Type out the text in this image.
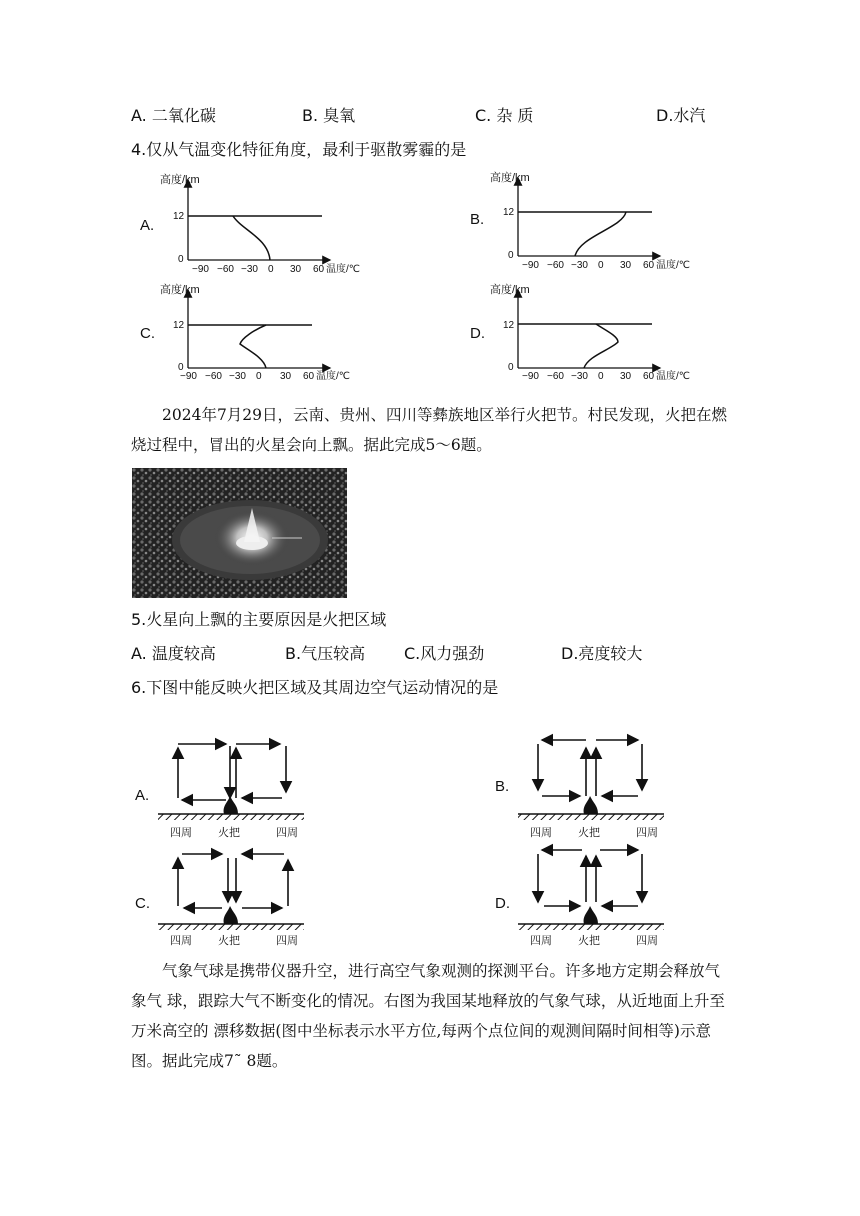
A. 二氧化碳	B. 臭氧	C. 杂 质	D.水汽
4.仅从气温变化特征角度，最利于驱散雾霾的是
A.
高度/km
12
0
−90 −60 −30 0 30 60 温度/℃
B.
高度/km
12
0
−90 −60 −30 0 30 60 温度/℃
C.
高度/km
12
0
−90 −60 −30 0 30 60 温度/℃
D.
高度/km
12
0
−90 −60 −30 0 30 60 温度/℃

2024年7月29日，云南、贵州、四川等彝族地区举行火把节。村民发现，火把在燃烧过程中，冒出的火星会向上飘。据此完成5～6题。

5.火星向上飘的主要原因是火把区域
A. 温度较高	B.气压较高 C.风力强劲	D.亮度较大
6.下图中能反映火把区域及其周边空气运动情况的是
A.
四周 火把	四周
B.
四周 火把	四周
C.
四周 火把	四周
D.
四周 火把	四周

气象气球是携带仪器升空，进行高空气象观测的探测平台。许多地方定期会释放气象气 球，跟踪大气不断变化的情况。右图为我国某地释放的气象气球，从近地面上升至万米高空的 漂移数据(图中坐标表示水平方位,每两个点位间的观测间隔时间相等)示意图。据此完成7˜ 8题。
